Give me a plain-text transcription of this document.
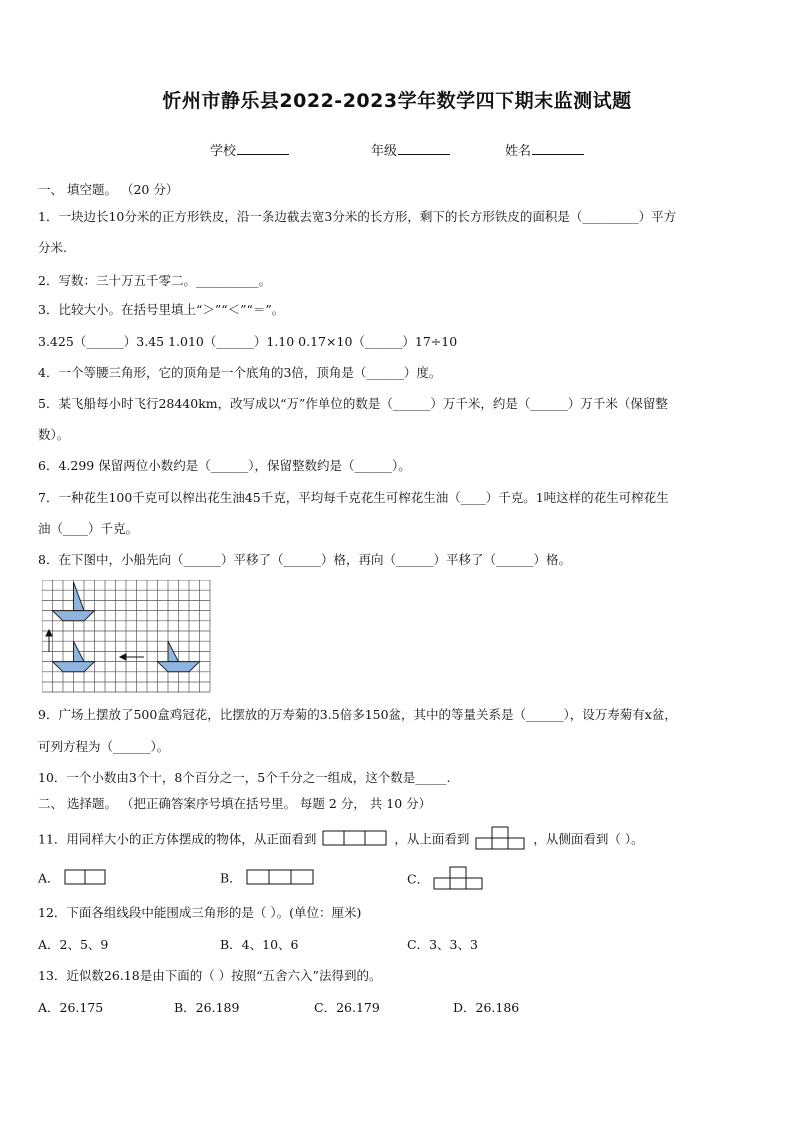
忻州市静乐县2022-2023学年数学四下期末监测试题
学校	年级	姓名
一、 填空题。 （20 分）
1．一块边长10分米的正方形铁皮，沿一条边截去宽3分米的长方形，剩下的长方形铁皮的面积是（_________）平方
分米.
2．写数：三十万五千零二。__________。
3．比较大小。在括号里填上“＞”“＜”“＝”。
3.425（______）3.45 1.010（______）1.10 0.17×10（______）17÷10
4．一个等腰三角形，它的顶角是一个底角的3倍，顶角是（______）度。
5．某飞船每小时飞行28440km，改写成以“万”作单位的数是（______）万千米，约是（______）万千米（保留整
数）。
6．4.299 保留两位小数约是（______），保留整数约是（______）。
7．一种花生100千克可以榨出花生油45千克，平均每千克花生可榨花生油（____）千克。1吨这样的花生可榨花生
油（____）千克。
8．在下图中，小船先向（______）平移了（______）格，再向（______）平移了（______）格。
9．广场上摆放了500盒鸡冠花，比摆放的万寿菊的3.5倍多150盆，其中的等量关系是（______），设万寿菊有x盆，
可列方程为（______）。
10．一个小数由3个十，8个百分之一，5个千分之一组成，这个数是_____.
二、 选择题。 （把正确答案序号填在括号里。 每题 2 分， 共 10 分）
11．用同样大小的正方体摆成的物体，从正面看到	，从上面看到	，从侧面看到（ ）。
A．	B．	C．
12．下面各组线段中能围成三角形的是（ ）。(单位：厘米)
A．2、5、9	B．4、10、6	C．3、3、3
13．近似数26.18是由下面的（ ）按照“五舍六入”法得到的。
A．26.175	B．26.189	C．26.179	D．26.186
